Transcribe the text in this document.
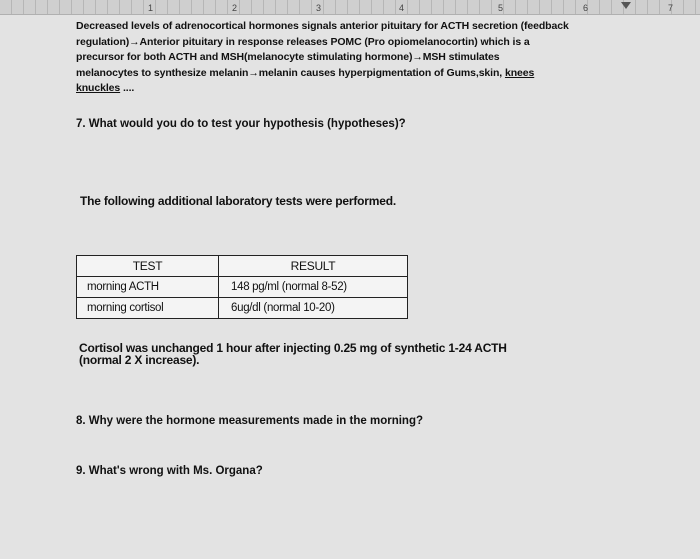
1	2	3	4	5	6	7
Decreased levels of adrenocortical hormones signals anterior pituitary for ACTH secretion (feedback
regulation)→Anterior pituitary in response releases POMC (Pro opiomelanocortin) which is a
precursor for both ACTH and MSH(melanocyte stimulating hormone)→MSH stimulates
melanocytes to synthesize melanin→melanin causes hyperpigmentation of Gums,skin, knees
knuckles ....
7. What would you do to test your hypothesis (hypotheses)?
The following additional laboratory tests were performed.
TEST	RESULT
morning ACTH	148 pg/ml (normal 8-52)
morning cortisol	6ug/dl (normal 10-20)
Cortisol was unchanged 1 hour after injecting 0.25 mg of synthetic 1-24 ACTH
(normal 2 X increase).
8. Why were the hormone measurements made in the morning?
9. What's wrong with Ms. Organa?
